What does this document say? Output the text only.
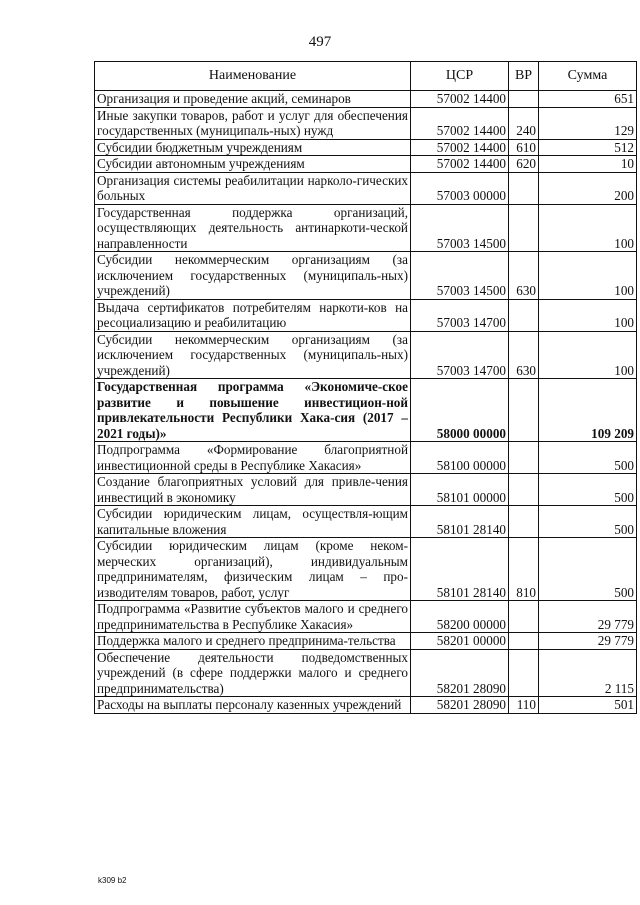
497
Наименование	ЦСР	ВР	Сумма
Организация и проведение акций, семинаров	57002 14400		651
Иные закупки товаров, работ и услуг для обеспечения государственных (муниципаль-ных) нужд	57002 14400	240	129
Субсидии бюджетным учреждениям	57002 14400	610	512
Субсидии автономным учреждениям	57002 14400	620	10
Организация системы реабилитации нарколо-гических больных	57003 00000		200
Государственная поддержка организаций, осуществляющих деятельность антинаркоти-ческой направленности	57003 14500		100
Субсидии некоммерческим организациям (за исключением государственных (муниципаль-ных) учреждений)	57003 14500	630	100
Выдача сертификатов потребителям наркоти-ков на ресоциализацию и реабилитацию	57003 14700		100
Субсидии некоммерческим организациям (за исключением государственных (муниципаль-ных) учреждений)	57003 14700	630	100
Государственная программа «Экономиче-ское развитие и повышение инвестицион-ной привлекательности Республики Хака-сия (2017 – 2021 годы)»	58000 00000		109 209
Подпрограмма «Формирование благоприятной инвестиционной среды в Республике Хакасия»	58100 00000		500
Создание благоприятных условий для привле-чения инвестиций в экономику	58101 00000		500
Субсидии юридическим лицам, осуществля-ющим капитальные вложения	58101 28140		500
Субсидии юридическим лицам (кроме неком-мерческих организаций), индивидуальным предпринимателям, физическим лицам – про-изводителям товаров, работ, услуг	58101 28140	810	500
Подпрограмма «Развитие субъектов малого и среднего предпринимательства в Республике Хакасия»	58200 00000		29 779
Поддержка малого и среднего предпринима-тельства	58201 00000		29 779
Обеспечение деятельности подведомственных учреждений (в сфере поддержки малого и среднего предпринимательства)	58201 28090		2 115
Расходы на выплаты персоналу казенных учреждений	58201 28090	110	501
k309 b2
